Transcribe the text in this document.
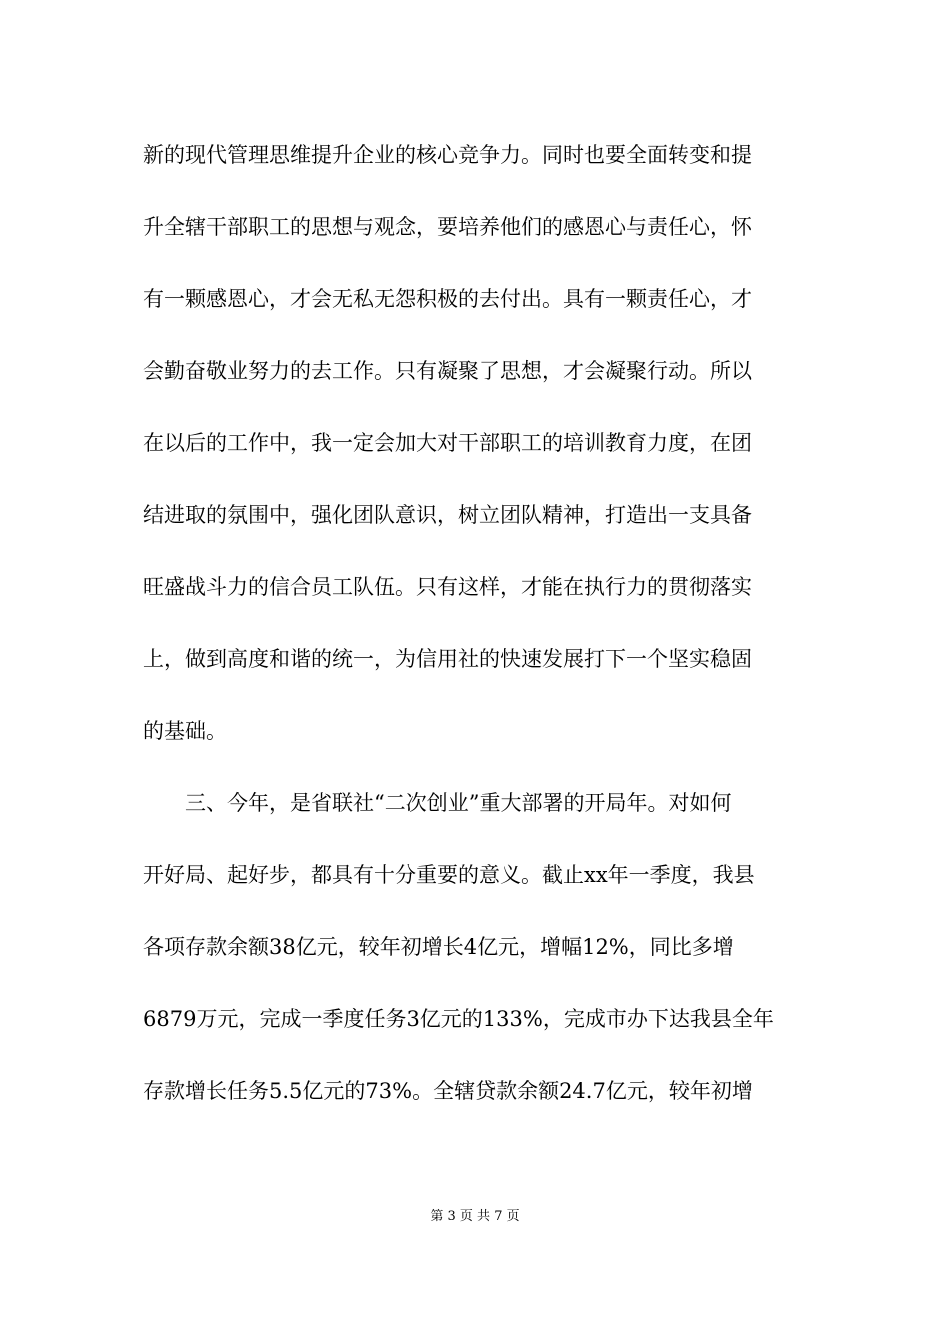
新的现代管理思维提升企业的核心竞争力。同时也要全面转变和提
升全辖干部职工的思想与观念，要培养他们的感恩心与责任心，怀
有一颗感恩心，才会无私无怨积极的去付出。具有一颗责任心，才
会勤奋敬业努力的去工作。只有凝聚了思想，才会凝聚行动。所以
在以后的工作中，我一定会加大对干部职工的培训教育力度，在团
结进取的氛围中，强化团队意识，树立团队精神，打造出一支具备
旺盛战斗力的信合员工队伍。只有这样，才能在执行力的贯彻落实
上，做到高度和谐的统一，为信用社的快速发展打下一个坚实稳固
的基础。
三、今年，是省联社“二次创业”重大部署的开局年。对如何
开好局、起好步，都具有十分重要的意义。截止xx年一季度，我县
各项存款余额38亿元，较年初增长4亿元，增幅12%，同比多增
6879万元，完成一季度任务3亿元的133%，完成市办下达我县全年
存款增长任务5.5亿元的73%。全辖贷款余额24.7亿元，较年初增
第 3 页 共 7 页
